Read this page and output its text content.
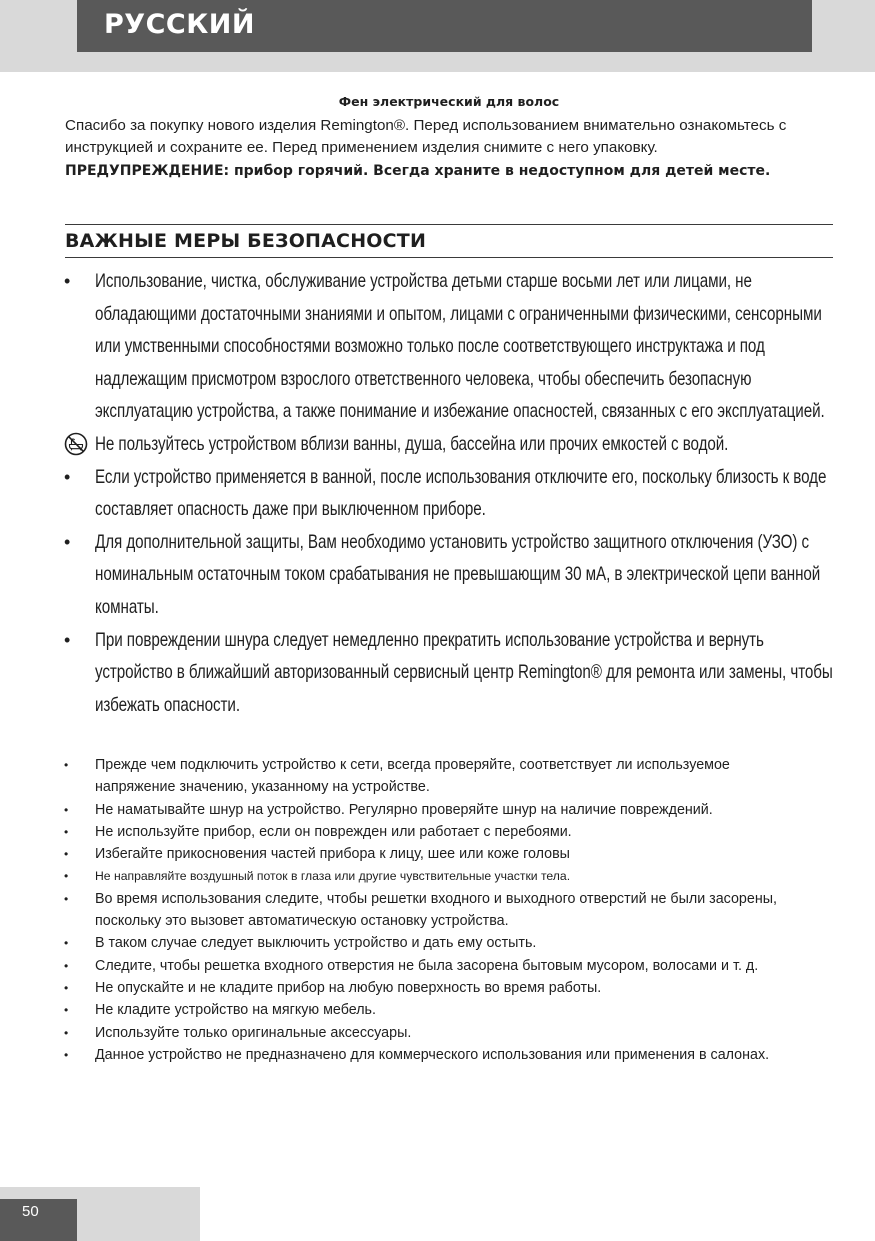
РУССКИЙ
Фен электрический для волос

Спасибо за покупку нового изделия Remington®. Перед использованием внимательно ознакомьтесь с инструкцией и сохраните ее. Перед применением изделия снимите с него упаковку. ПРЕДУПРЕЖДЕНИЕ: прибор горячий. Всегда храните в недоступном для детей месте.

ВАЖНЫЕ МЕРЫ БЕЗОПАСНОСТИ
• Использование, чистка, обслуживание устройства детьми старше восьми лет или лицами, не обладающими достаточными знаниями и опытом, лицами с ограниченными физическими, сенсорными или умственными способностями возможно только после соответствующего инструктажа и под надлежащим присмотром взрослого ответственного человека, чтобы обеспечить безопасную эксплуатацию устройства, а также понимание и избежание опасностей, связанных с его эксплуатацией.
Не пользуйтесь устройством вблизи ванны, душа, бассейна или прочих емкостей с водой.
• Если устройство применяется в ванной, после использования отключите его, поскольку близость к воде составляет опасность даже при выключенном приборе.
• Для дополнительной защиты, Вам необходимо установить устройство защитного отключения (УЗО) с номинальным остаточным током срабатывания не превышающим 30 мА, в электрической цепи ванной комнаты.
• При повреждении шнура следует немедленно прекратить использование устройства и вернуть устройство в ближайший авторизованный сервисный центр Remington® для ремонта или замены, чтобы избежать опасности.
• Прежде чем подключить устройство к сети, всегда проверяйте, соответствует ли используемое напряжение значению, указанному на устройстве.
• Не наматывайте шнур на устройство. Регулярно проверяйте шнур на наличие повреждений.
• Не используйте прибор, если он поврежден или работает с перебоями.
• Избегайте прикосновения частей прибора к лицу, шее или коже головы
• Не направляйте воздушный поток в глаза или другие чувствительные участки тела.
• Во время использования следите, чтобы решетки входного и выходного отверстий не были засорены, поскольку это вызовет автоматическую остановку устройства.
• В таком случае следует выключить устройство и дать ему остыть.
• Следите, чтобы решетка входного отверстия не была засорена бытовым мусором, волосами и т. д.
• Не опускайте и не кладите прибор на любую поверхность во время работы.
• Не кладите устройство на мягкую мебель.
• Используйте только оригинальные аксессуары.
• Данное устройство не предназначено для коммерческого использования или применения в салонах.
50
